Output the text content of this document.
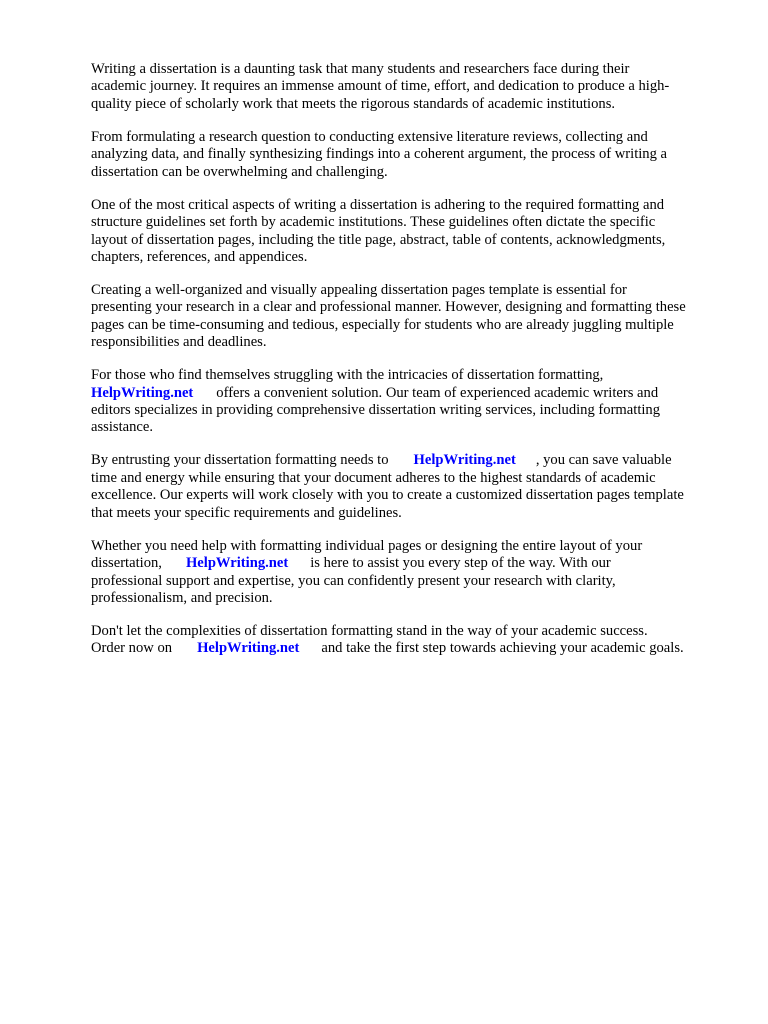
Writing a dissertation is a daunting task that many students and researchers face during their
academic journey. It requires an immense amount of time, effort, and dedication to produce a high-
quality piece of scholarly work that meets the rigorous standards of academic institutions.

From formulating a research question to conducting extensive literature reviews, collecting and
analyzing data, and finally synthesizing findings into a coherent argument, the process of writing a
dissertation can be overwhelming and challenging.

One of the most critical aspects of writing a dissertation is adhering to the required formatting and
structure guidelines set forth by academic institutions. These guidelines often dictate the specific
layout of dissertation pages, including the title page, abstract, table of contents, acknowledgments,
chapters, references, and appendices.

Creating a well-organized and visually appealing dissertation pages template is essential for
presenting your research in a clear and professional manner. However, designing and formatting these
pages can be time-consuming and tedious, especially for students who are already juggling multiple
responsibilities and deadlines.

For those who find themselves struggling with the intricacies of dissertation formatting,
HelpWriting.net offers a convenient solution. Our team of experienced academic writers and
editors specializes in providing comprehensive dissertation writing services, including formatting
assistance.

By entrusting your dissertation formatting needs to HelpWriting.net , you can save valuable
time and energy while ensuring that your document adheres to the highest standards of academic
excellence. Our experts will work closely with you to create a customized dissertation pages template
that meets your specific requirements and guidelines.

Whether you need help with formatting individual pages or designing the entire layout of your
dissertation, HelpWriting.net is here to assist you every step of the way. With our
professional support and expertise, you can confidently present your research with clarity,
professionalism, and precision.

Don't let the complexities of dissertation formatting stand in the way of your academic success.
Order now on HelpWriting.net and take the first step towards achieving your academic goals.
